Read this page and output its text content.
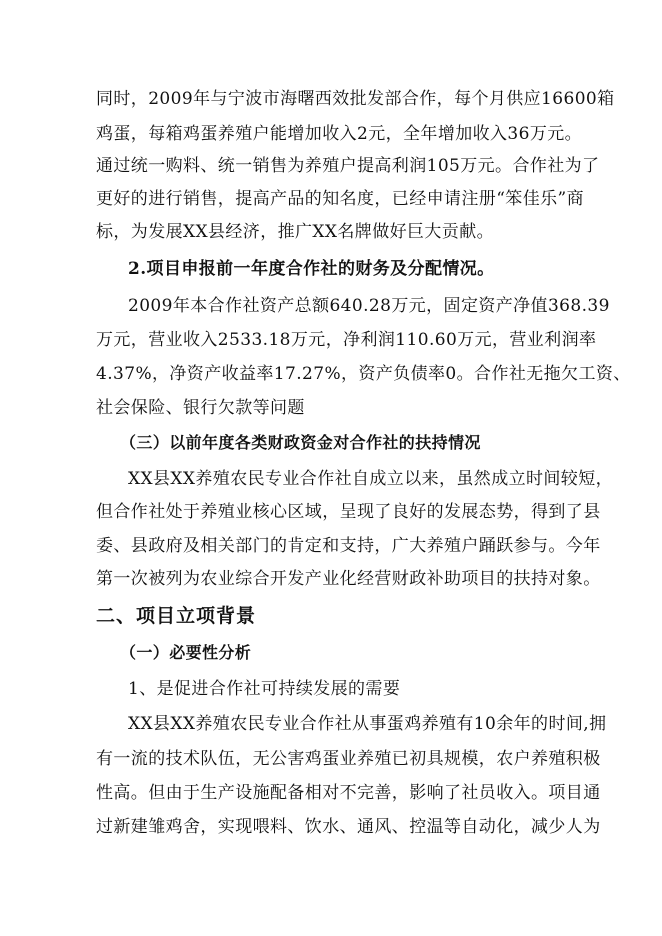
同时，2009年与宁波市海曙西效批发部合作，每个月供应16600箱
鸡蛋，每箱鸡蛋养殖户能增加收入2元，全年增加收入36万元。
通过统一购料、统一销售为养殖户提高利润105万元。合作社为了
更好的进行销售，提高产品的知名度，已经申请注册“笨佳乐”商
标，为发展XX县经济，推广XX名牌做好巨大贡献。
2.项目申报前一年度合作社的财务及分配情况。
2009年本合作社资产总额640.28万元，固定资产净值368.39
万元，营业收入2533.18万元，净利润110.60万元，营业利润率
4.37%，净资产收益率17.27%，资产负债率0。合作社无拖欠工资、
社会保险、银行欠款等问题
（三）以前年度各类财政资金对合作社的扶持情况
XX县XX养殖农民专业合作社自成立以来，虽然成立时间较短，
但合作社处于养殖业核心区域，呈现了良好的发展态势，得到了县
委、县政府及相关部门的肯定和支持，广大养殖户踊跃参与。今年
第一次被列为农业综合开发产业化经营财政补助项目的扶持对象。
二、项目立项背景
（一）必要性分析
1、是促进合作社可持续发展的需要
XX县XX养殖农民专业合作社从事蛋鸡养殖有10余年的时间,拥
有一流的技术队伍，无公害鸡蛋业养殖已初具规模，农户养殖积极
性高。但由于生产设施配备相对不完善，影响了社员收入。项目通
过新建雏鸡舍，实现喂料、饮水、通风、控温等自动化，减少人为
